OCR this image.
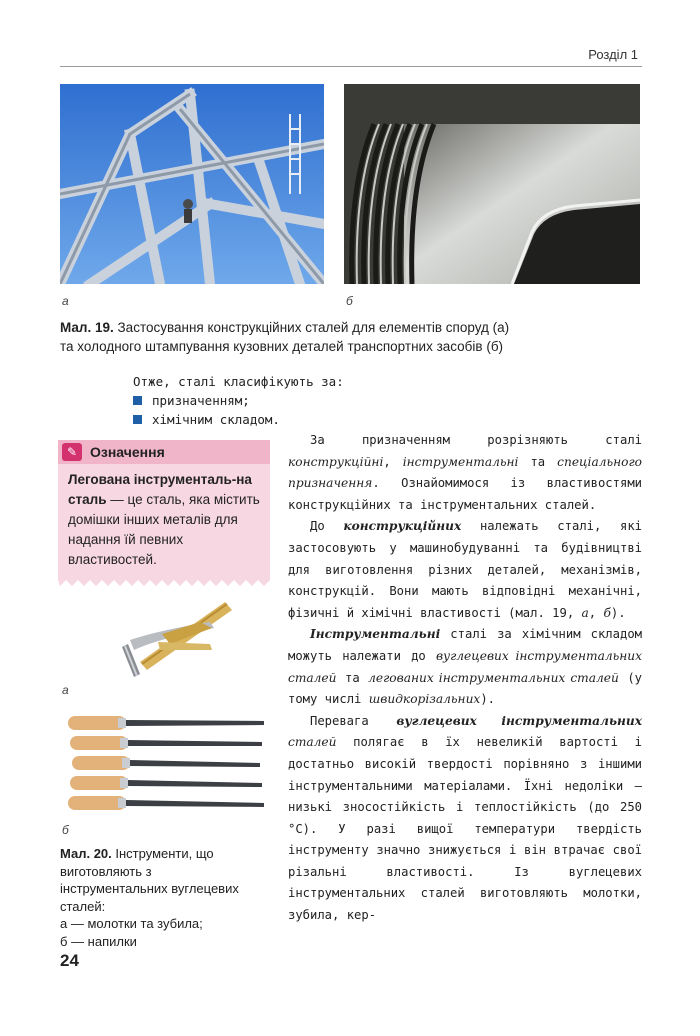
Розділ 1
а	б
Мал. 19. Застосування конструкційних сталей для елементів споруд (а)
та холодного штампування кузовних деталей транспортних засобів (б)
Отже, сталі класифікують за:
призначенням;
хімічним складом.
✎ Означення
Легована інструменталь-на сталь — це сталь, яка містить домішки інших металів для надання їй певних властивостей.
а
б
Мал. 20. Інструменти, що виготовляють з інструментальних вуглецевих сталей:
а — молотки та зубила;
б — напилки

За призначенням розрізняють сталі конструкційні, інструментальні та спеціального призначення. Ознайомимося із властивостями конструкційних та інструментальних сталей.

До конструкційних належать сталі, які застосовують у машинобудуванні та будівництві для виготовлення різних деталей, механізмів, конструкцій. Вони мають відповідні механічні, фізичні й хімічні властивості (мал. 19, а, б).

Інструментальні сталі за хімічним складом можуть належати до вуглецевих інструментальних сталей та легованих інструментальних сталей (у тому числі швидкорізальних).

Перевага вуглецевих інструментальних сталей полягає в їх невеликій вартості і достатньо високій твердості порівняно з іншими інструментальними матеріалами. Їхні недоліки — низькі зносостійкість і теплостійкість (до 250 °C). У разі вищої температури твердість інструменту значно знижується і він втрачає свої різальні властивості. Із вуглецевих інструментальних сталей виготовляють молотки, зубила, кер-

24
